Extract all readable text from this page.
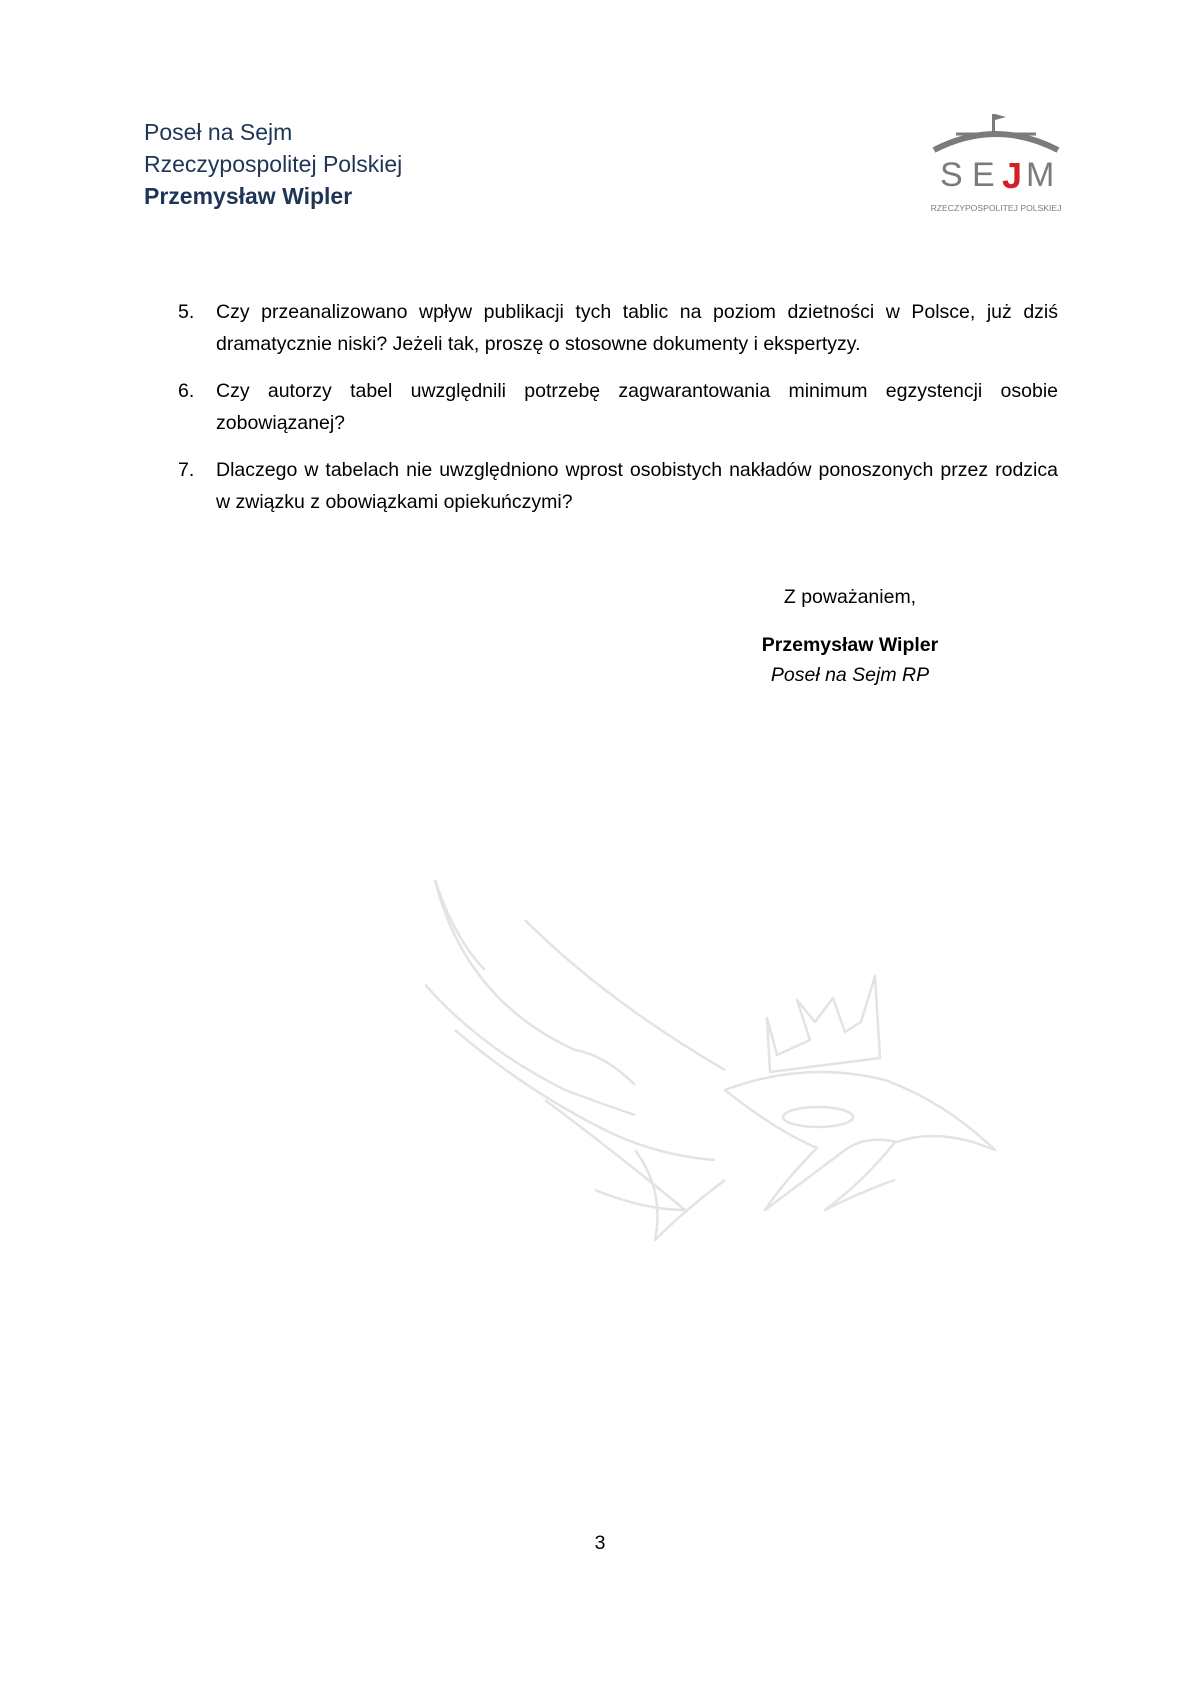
Poseł na Sejm
Rzeczypospolitej Polskiej
Przemysław Wipler
S E J M
RZECZYPOSPOLITEJ POLSKIEJ
5.	Czy przeanalizowano wpływ publikacji tych tablic na poziom dzietności w Polsce, już dziś dramatycznie niski? Jeżeli tak, proszę o stosowne dokumenty i ekspertyzy.
6.	Czy autorzy tabel uwzględnili potrzebę zagwarantowania minimum egzystencji osobie zobowiązanej?
7.	Dlaczego w tabelach nie uwzględniono wprost osobistych nakładów ponoszonych przez rodzica w związku z obowiązkami opiekuńczymi?
Z poważaniem,
Przemysław Wipler
Poseł na Sejm RP
3
